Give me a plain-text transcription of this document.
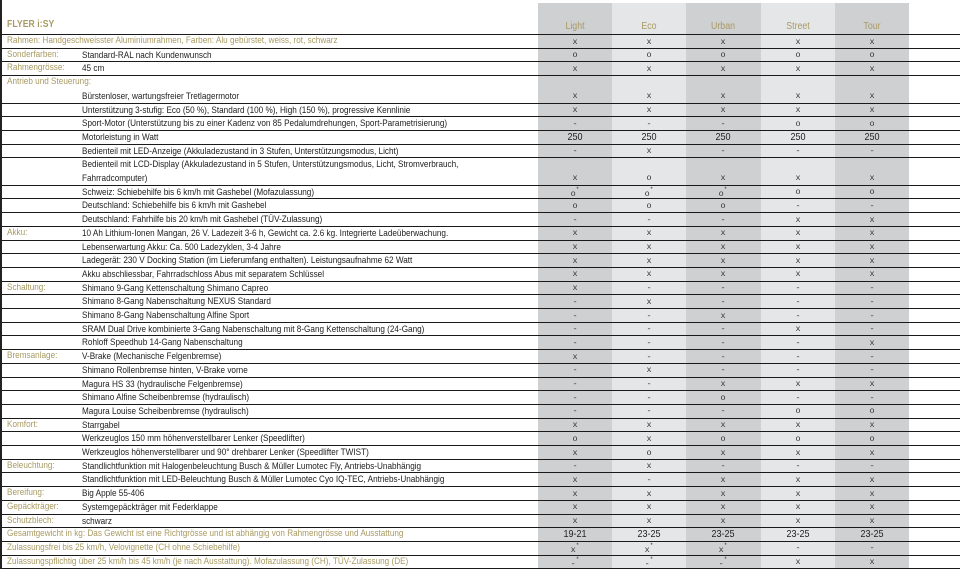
FLYER i:SY	Light	Eco	Urban	Street	Tour
Rahmen: Handgeschweisster Aluminiumrahmen, Farben: Alu gebürstet, weiss, rot, schwarz	x	x	x	x	x
Sonderfarben: Standard-RAL nach Kundenwunsch	o	o	o	o	o
Rahmengrösse: 45 cm	x	x	x	x	x
Antrieb und Steuerung:
Bürstenloser, wartungsfreier Tretlagermotor	x	x	x	x	x
Unterstützung 3-stufig: Eco (50 %), Standard (100 %), High (150 %), progressive Kennlinie	x	x	x	x	x
Sport-Motor (Unterstützung bis zu einer Kadenz von 85 Pedalumdrehungen, Sport-Parametrisierung)	-	-	-	o	o
Motorleistung in Watt	250	250	250	250	250
Bedienteil mit LED-Anzeige (Akkuladezustand in 3 Stufen, Unterstützungsmodus, Licht)	-	x	-	-	-
Bedienteil mit LCD-Display (Akkuladezustand in 5 Stufen, Unterstützungsmodus, Licht, Stromverbrauch,
Fahrradcomputer)	x	o	x	x	x
Schweiz: Schiebehilfe bis 6 km/h mit Gashebel (Mofazulassung)	o*	o*	o*	o	o
Deutschland: Schiebehilfe bis 6 km/h mit Gashebel	o	o	o	-	-
Deutschland: Fahrhilfe bis 20 km/h mit Gashebel (TÜV-Zulassung)	-	-	-	x	x
Akku:	10 Ah Lithium-Ionen Mangan, 26 V. Ladezeit 3-6 h, Gewicht ca. 2.6 kg. Integrierte Ladeüberwachung.	x	x	x	x	x
Lebenserwartung Akku: Ca. 500 Ladezyklen, 3-4 Jahre	x	x	x	x	x
Ladegerät: 230 V Docking Station (im Lieferumfang enthalten). Leistungsaufnahme 62 Watt	x	x	x	x	x
Akku abschliessbar, Fahrradschloss Abus mit separatem Schlüssel	x	x	x	x	x
Schaltung:	Shimano 9-Gang Kettenschaltung Shimano Capreo	x	-	-	-	-
Shimano 8-Gang Nabenschaltung NEXUS Standard	-	x	-	-	-
Shimano 8-Gang Nabenschaltung Alfine Sport	-	-	x	-	-
SRAM Dual Drive kombinierte 3-Gang Nabenschaltung mit 8-Gang Kettenschaltung (24-Gang)	-	-	-	x	-
Rohloff Speedhub 14-Gang Nabenschaltung	-	-	-	-	x
Bremsanlage:	V-Brake (Mechanische Felgenbremse)	x	-	-	-	-
Shimano Rollenbremse hinten, V-Brake vorne	-	x	-	-	-
Magura HS 33 (hydraulische Felgenbremse)	-	-	x	x	x
Shimano Alfine Scheibenbremse (hydraulisch)	-	-	o	-	-
Magura Louise Scheibenbremse (hydraulisch)	-	-	-	o	o
Komfort:	Starrgabel	x	x	x	x	x
Werkzeuglos 150 mm höhenverstellbarer Lenker (Speedlifter)	o	x	o	o	o
Werkzeuglos höhenverstellbarer und 90° drehbarer Lenker (Speedlifter TWIST)	x	o	x	x	x
Beleuchtung:	Standlichtfunktion mit Halogenbeleuchtung Busch & Müller Lumotec Fly, Antriebs-Unabhängig	-	x	-	-	-
Standlichtfunktion mit LED-Beleuchtung Busch & Müller Lumotec Cyo IQ-TEC, Antriebs-Unabhängig	x	-	x	x	x
Bereifung:	Big Apple 55-406	x	x	x	x	x
Gepäckträger: Systemgepäckträger mit Federklappe	x	x	x	x	x
Schutzblech:	schwarz	x	x	x	x	x
Gesamtgewicht in kg: Das Gewicht ist eine Richtgrösse und ist abhängig von Rahmengrösse und Ausstattung	19-21	23-25	23-25	23-25	23-25
Zulassungsfrei bis 25 km/h, Velovignette (CH ohne Schiebehilfe)	x*	x*	x*	-	-
Zulassungspflichtig über 25 km/h bis 45 km/h (je nach Ausstattung). Mofazulassung (CH), TÜV-Zulassung (DE)	-*	-*	-*	x	x
